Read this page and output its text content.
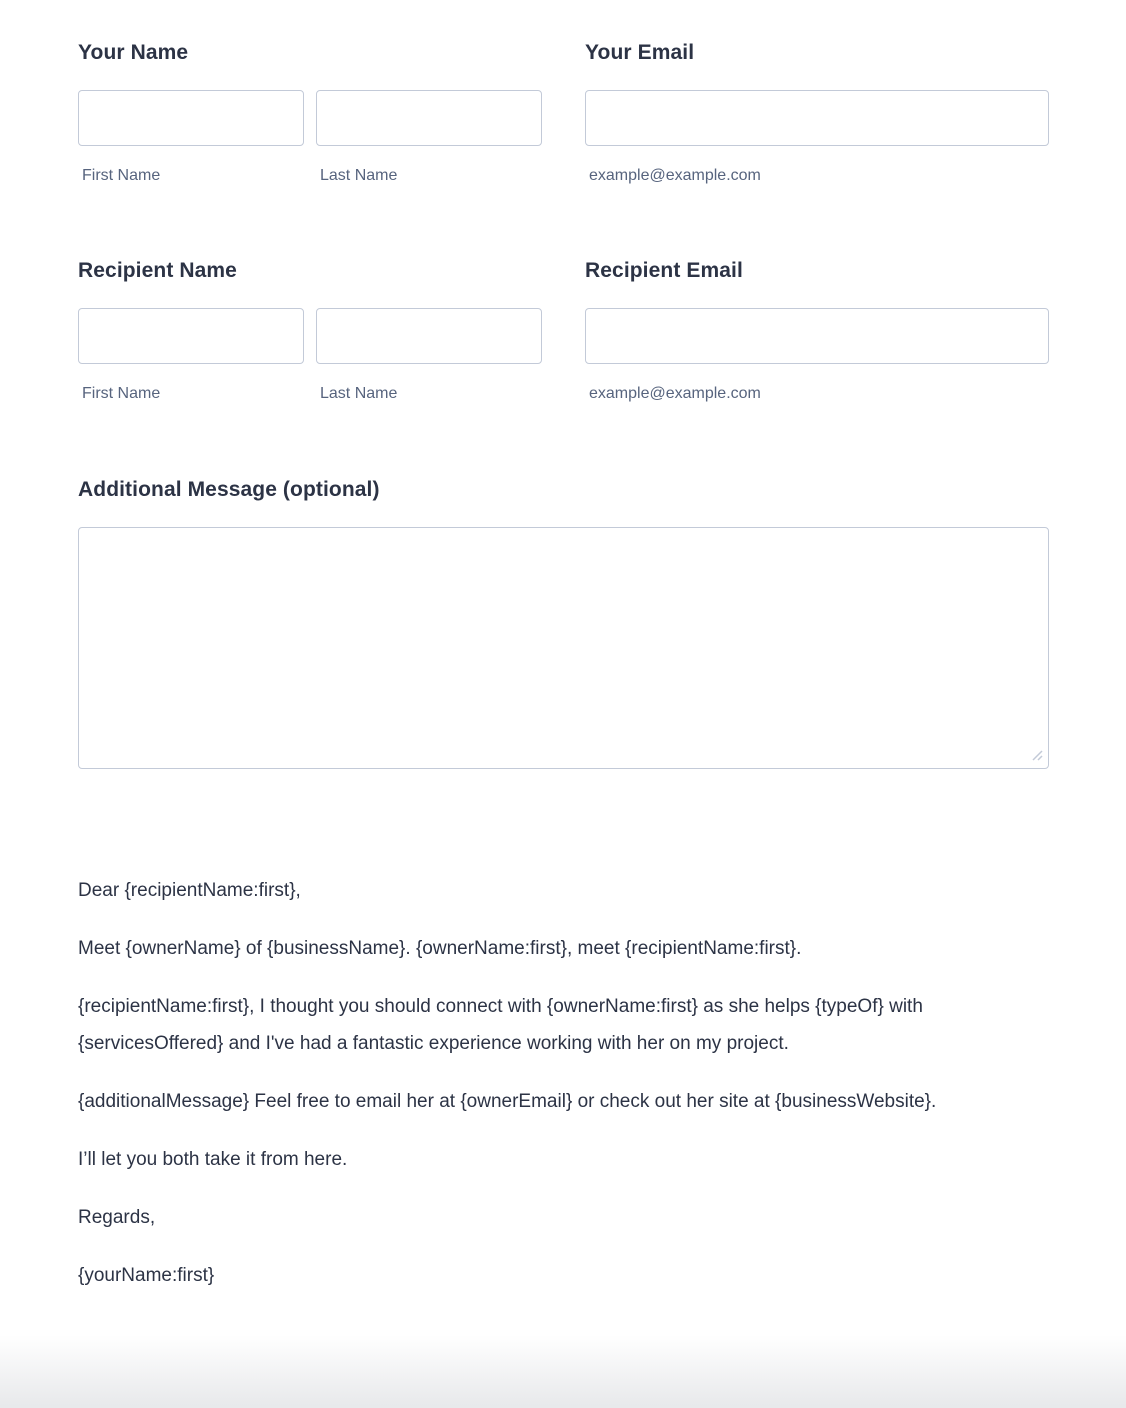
Your Name
First Name	Last Name
Your Email
example@example.com
Recipient Name
First Name	Last Name
Recipient Email
example@example.com
Additional Message (optional)

Dear {recipientName:first},

Meet {ownerName} of {businessName}. {ownerName:first}, meet {recipientName:first}.

{recipientName:first}, I thought you should connect with {ownerName:first} as she helps {typeOf} with {servicesOffered} and I've had a fantastic experience working with her on my project.

{additionalMessage} Feel free to email her at {ownerEmail} or check out her site at {businessWebsite}.

I’ll let you both take it from here.

Regards,

{yourName:first}
